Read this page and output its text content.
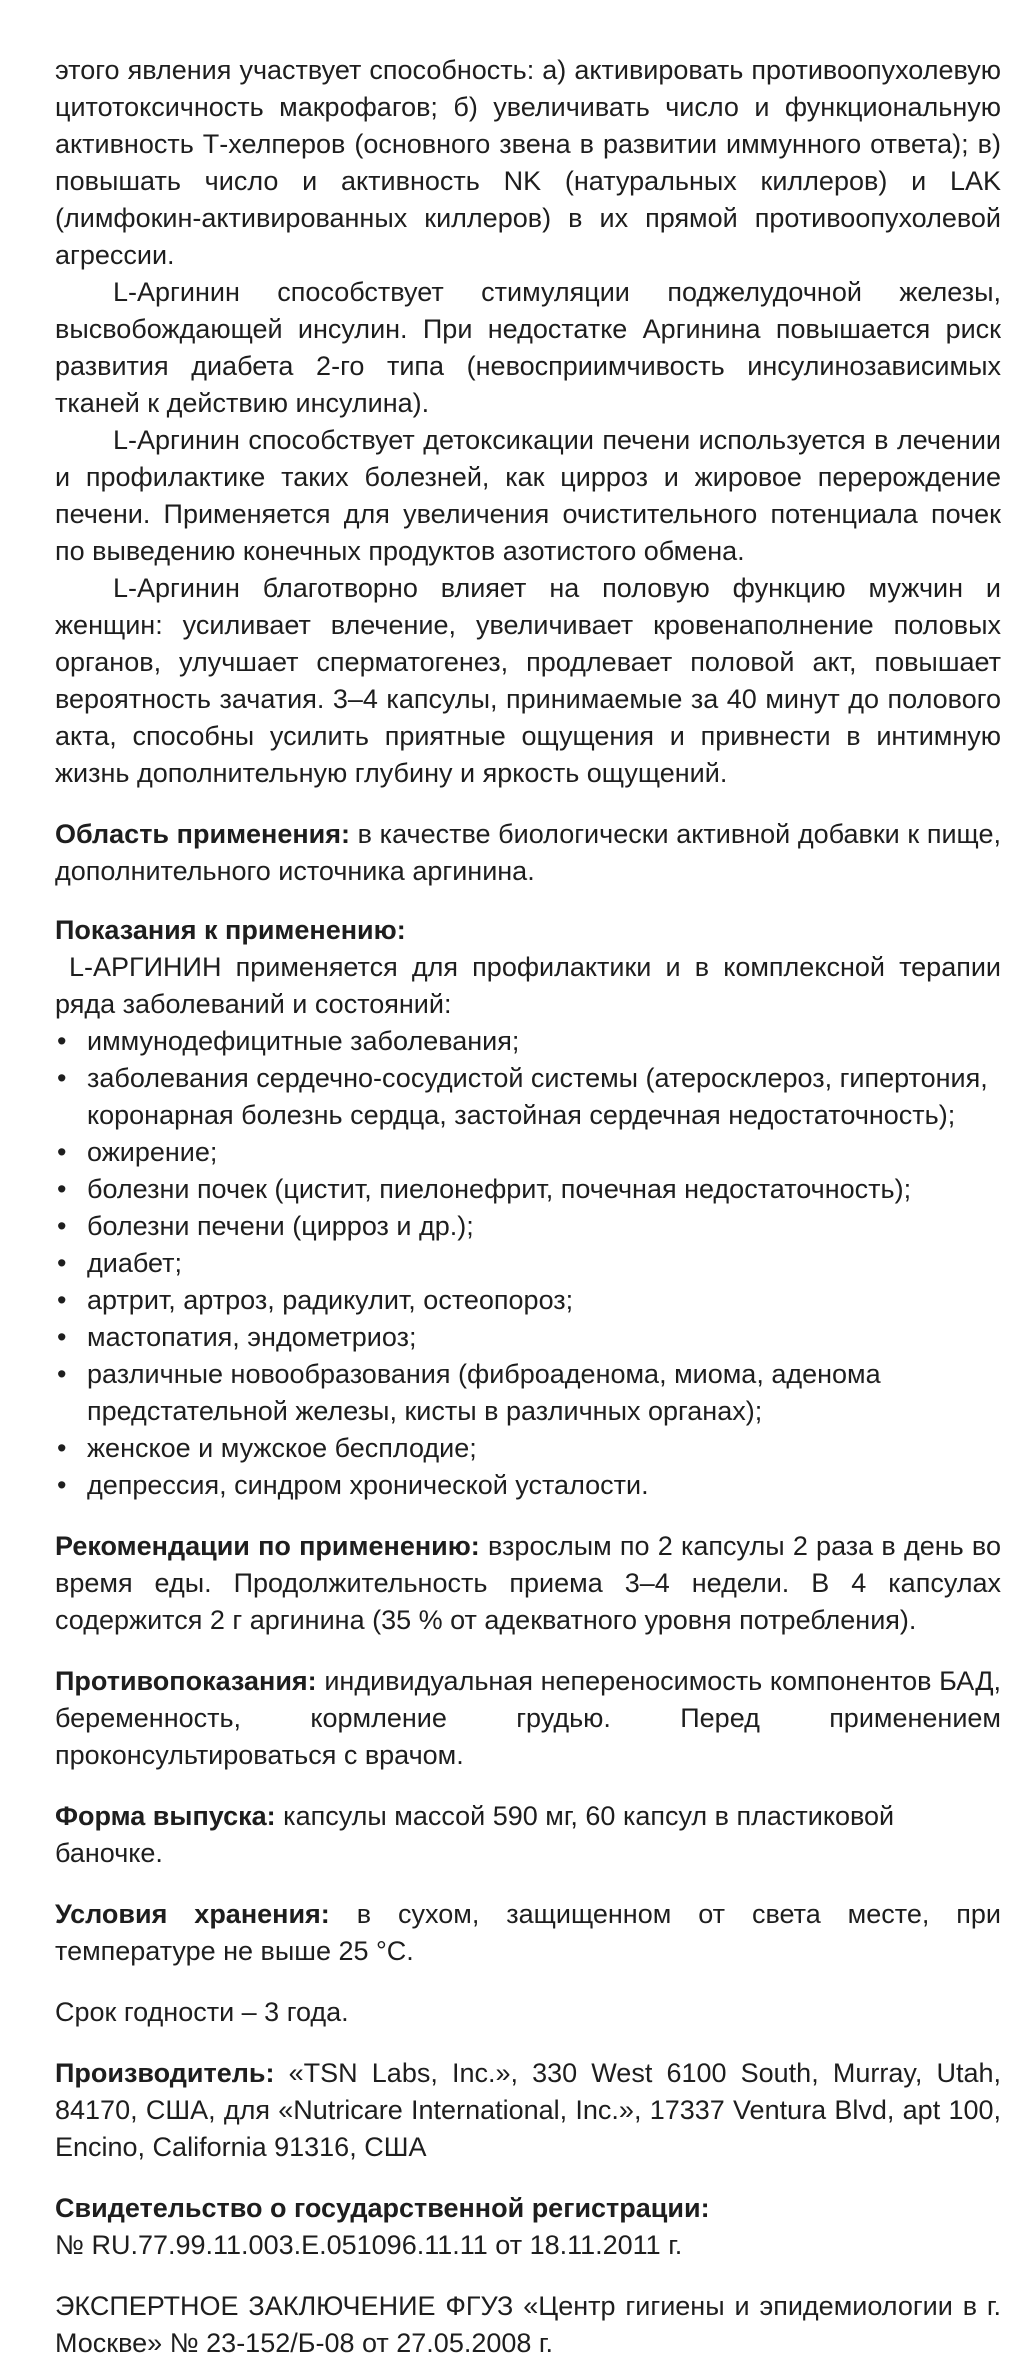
этого явления участвует способность: а) активировать противоопухолевую цитотоксичность макрофагов; б) увеличивать число и функциональную активность Т-хелперов (основного звена в развитии иммунного ответа); в) повышать число и активность NK (натуральных киллеров) и LAK (лимфокин-активированных киллеров) в их прямой противоопухолевой агрессии.

L-Аргинин способствует стимуляции поджелудочной железы, высвобождающей инсулин. При недостатке Аргинина повышается риск развития диабета 2-го типа (невосприимчивость инсулинозависимых тканей к действию инсулина).

L-Аргинин способствует детоксикации печени используется в лечении и профилактике таких болезней, как цирроз и жировое перерождение печени. Применяется для увеличения очистительного потенциала почек по выведению конечных продуктов азотистого обмена.

L-Аргинин благотворно влияет на половую функцию мужчин и женщин: усиливает влечение, увеличивает кровенаполнение половых органов, улучшает сперматогенез, продлевает половой акт, повышает вероятность зачатия. 3–4 капсулы, принимаемые за 40 минут до полового акта, способны усилить приятные ощущения и привнести в интимную жизнь дополнительную глубину и яркость ощущений.

Область применения: в качестве биологически активной добавки к пище, дополнительного источника аргинина.

Показания к применению:

L-АРГИНИН применяется для профилактики и в комплексной терапии ряда заболеваний и состояний:

• иммунодефицитные заболевания;
• заболевания сердечно-сосудистой системы (атеросклероз, гипертония, коронарная болезнь сердца, застойная сердечная недостаточность);
• ожирение;
• болезни почек (цистит, пиелонефрит, почечная недостаточность);
• болезни печени (цирроз и др.);
• диабет;
• артрит, артроз, радикулит, остеопороз;
• мастопатия, эндометриоз;
• различные новообразования (фиброаденома, миома, аденома предстательной железы, кисты в различных органах);
• женское и мужское бесплодие;
• депрессия, синдром хронической усталости.

Рекомендации по применению: взрослым по 2 капсулы 2 раза в день во время еды. Продолжительность приема 3–4 недели. В 4 капсулах содержится 2 г аргинина (35 % от адекватного уровня потребления).

Противопоказания: индивидуальная непереносимость компонентов БАД, беременность, кормление грудью. Перед применением проконсультироваться с врачом.

Форма выпуска: капсулы массой 590 мг, 60 капсул в пластиковой баночке.

Условия хранения: в сухом, защищенном от света месте, при температуре не выше 25 °С.

Срок годности – 3 года.

Производитель: «TSN Labs, Inc.», 330 West 6100 South, Murray, Utah, 84170, США, для «Nutricare International, Inc.», 17337 Ventura Blvd, apt 100, Encino, California 91316, США

Свидетельство о государственной регистрации:
№ RU.77.99.11.003.Е.051096.11.11 от 18.11.2011 г.

ЭКСПЕРТНОЕ ЗАКЛЮЧЕНИЕ ФГУЗ «Центр гигиены и эпидемиологии в г. Москве» № 23-152/Б-08 от 27.05.2008 г.
